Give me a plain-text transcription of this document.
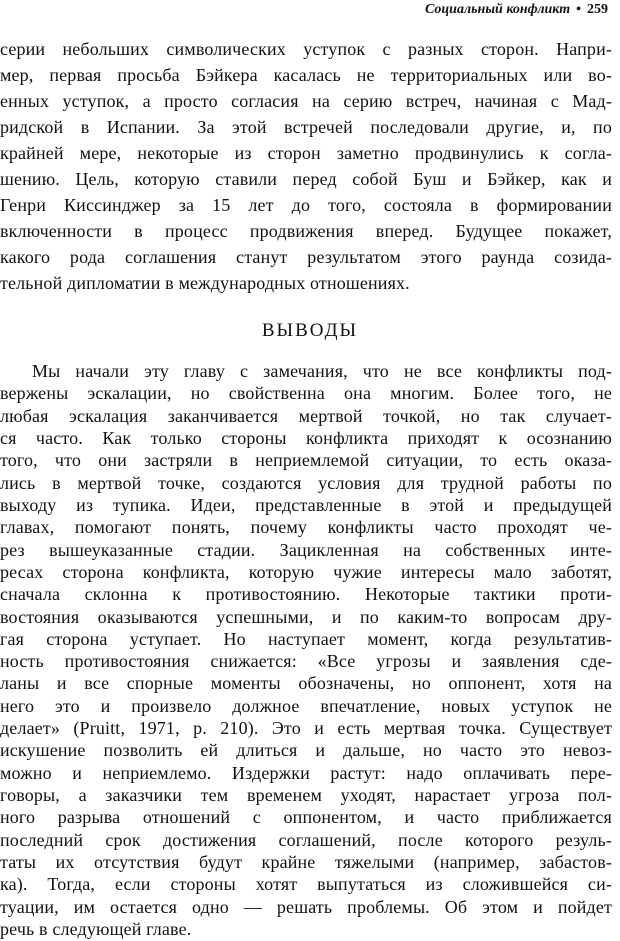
Социальный конфликт • 259
серии небольших символических уступок с разных сторон. Напри-
мер, первая просьба Бэйкера касалась не территориальных или во-
енных уступок, а просто согласия на серию встреч, начиная с Мад-
ридской в Испании. За этой встречей последовали другие, и, по
крайней мере, некоторые из сторон заметно продвинулись к согла-
шению. Цель, которую ставили перед собой Буш и Бэйкер, как и
Генри Киссинджер за 15 лет до того, состояла в формировании
включенности в процесс продвижения вперед. Будущее покажет,
какого рода соглашения станут результатом этого раунда созида-
тельной дипломатии в международных отношениях.
ВЫВОДЫ
Мы начали эту главу с замечания, что не все конфликты под-
вержены эскалации, но свойственна она многим. Более того, не
любая эскалация заканчивается мертвой точкой, но так случает-
ся часто. Как только стороны конфликта приходят к осознанию
того, что они застряли в неприемлемой ситуации, то есть оказа-
лись в мертвой точке, создаются условия для трудной работы по
выходу из тупика. Идеи, представленные в этой и предыдущей
главах, помогают понять, почему конфликты часто проходят че-
рез вышеуказанные стадии. Зацикленная на собственных инте-
ресах сторона конфликта, которую чужие интересы мало заботят,
сначала склонна к противостоянию. Некоторые тактики проти-
востояния оказываются успешными, и по каким-то вопросам дру-
гая сторона уступает. Но наступает момент, когда результатив-
ность противостояния снижается: «Все угрозы и заявления сде-
ланы и все спорные моменты обозначены, но оппонент, хотя на
него это и произвело должное впечатление, новых уступок не
делает» (Pruitt, 1971, p. 210). Это и есть мертвая точка. Существует
искушение позволить ей длиться и дальше, но часто это невоз-
можно и неприемлемо. Издержки растут: надо оплачивать пере-
говоры, а заказчики тем временем уходят, нарастает угроза пол-
ного разрыва отношений с оппонентом, и часто приближается
последний срок достижения соглашений, после которого резуль-
таты их отсутствия будут крайне тяжелыми (например, забастов-
ка). Тогда, если стороны хотят выпутаться из сложившейся си-
туации, им остается одно — решать проблемы. Об этом и пойдет
речь в следующей главе.
